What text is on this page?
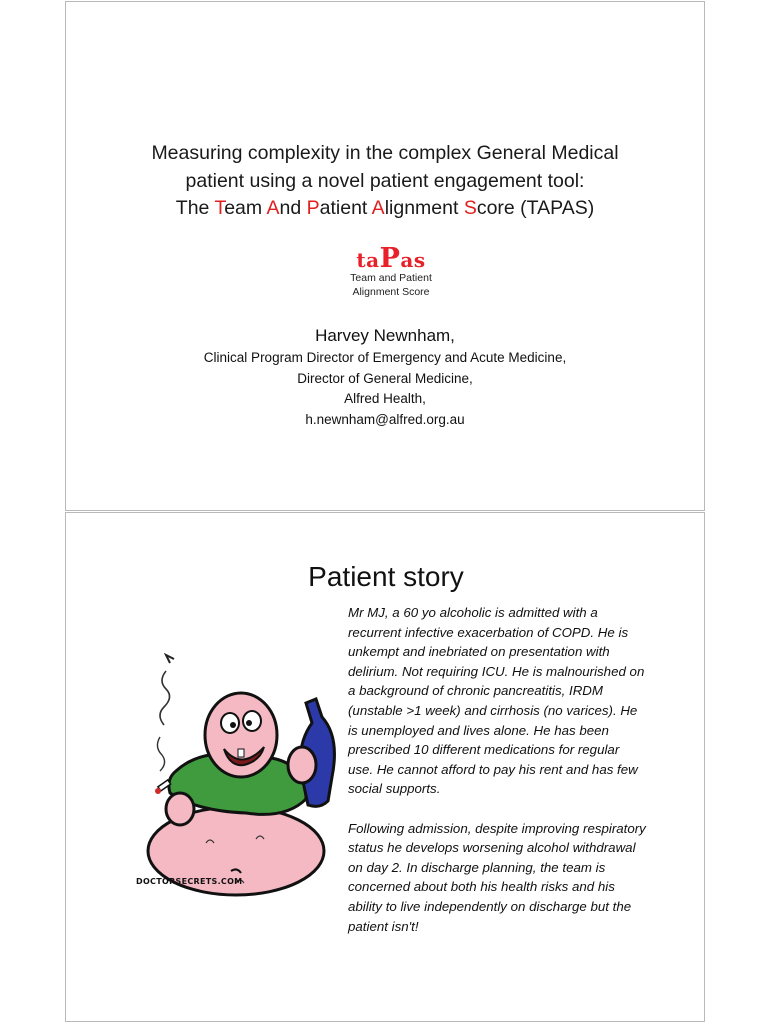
Measuring complexity in the complex General Medical
patient using a novel patient engagement tool:
The Team And Patient Alignment Score (TAPAS)
taPas
Team and Patient
Alignment Score
Harvey Newnham,
Clinical Program Director of Emergency and Acute Medicine,
Director of General Medicine,
Alfred Health,
h.newnham@alfred.org.au
Patient story
DOCTORSECRETS.COM

Mr MJ, a 60 yo alcoholic is admitted with a recurrent infective exacerbation of COPD. He is unkempt and inebriated on presentation with delirium. Not requiring ICU. He is malnourished on a background of chronic pancreatitis, IRDM (unstable >1 week) and cirrhosis (no varices). He is unemployed and lives alone. He has been prescribed 10 different medications for regular use. He cannot afford to pay his rent and has few social supports.

Following admission, despite improving respiratory status he develops worsening alcohol withdrawal on day 2. In discharge planning, the team is concerned about both his health risks and his ability to live independently on discharge but the patient isn't!
